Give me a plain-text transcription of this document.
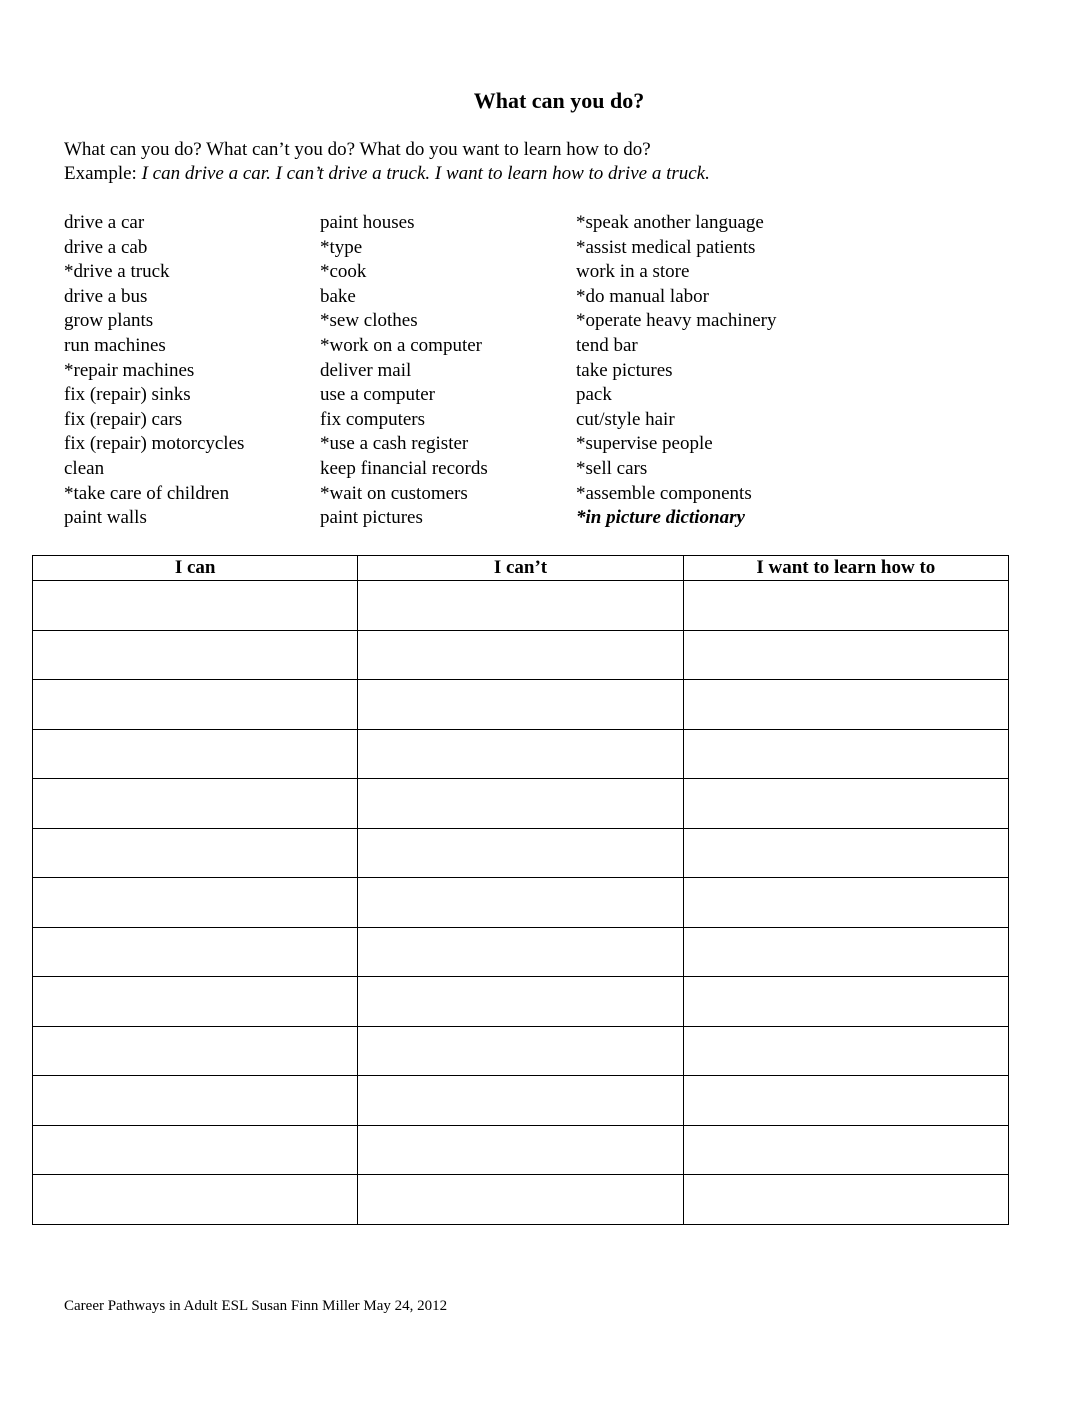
What can you do?
What can you do? What can’t you do? What do you want to learn how to do?
Example: I can drive a car. I can’t drive a truck. I want to learn how to drive a truck.
drive a car
drive a cab
*drive a truck
drive a bus
grow plants
run machines
*repair machines
fix (repair) sinks
fix (repair) cars
fix (repair) motorcycles
clean
*take care of children
paint walls
paint houses
*type
*cook
bake
*sew clothes
*work on a computer
deliver mail
use a computer
fix computers
*use a cash register
keep financial records
*wait on customers
paint pictures
*speak another language
*assist medical patients
work in a store
*do manual labor
*operate heavy machinery
tend bar
take pictures
pack
cut/style hair
*supervise people
*sell cars
*assemble components
*in picture dictionary
I can	I can’t	I want to learn how to

Career Pathways in Adult ESL Susan Finn Miller May 24, 2012
